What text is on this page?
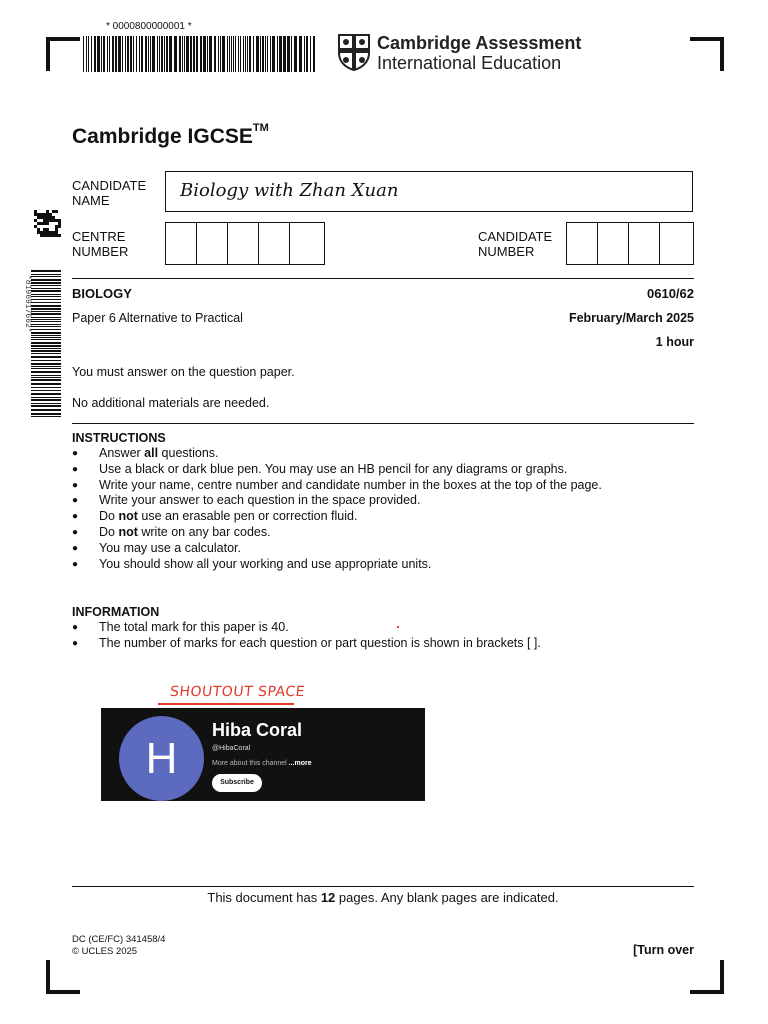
* 0000800000001 *
Cambridge Assessment
International Education
Cambridge IGCSE™
CANDIDATE
NAME	Biology with Zhan Xuan
CENTRE
NUMBER
CANDIDATE
NUMBER
*8196917662*	BIOLOGY	0610/62
Paper 6 Alternative to Practical	February/March 2025
1 hour
You must answer on the question paper.
No additional materials are needed.
INSTRUCTIONS
● Answer all questions.
● Use a black or dark blue pen. You may use an HB pencil for any diagrams or graphs.
● Write your name, centre number and candidate number in the boxes at the top of the page.
● Write your answer to each question in the space provided.
● Do not use an erasable pen or correction fluid.
● Do not write on any bar codes.
● You may use a calculator.
● You should show all your working and use appropriate units.
INFORMATION
● The total mark for this paper is 40.
● The number of marks for each question or part question is shown in brackets [ ].
SHOUTOUT SPACE
H
Hiba Coral
@HibaCoral
More about this channel ...more
Subscribe
This document has 12 pages. Any blank pages are indicated.
DC (CE/FC) 341458/4
© UCLES 2025	[Turn over
